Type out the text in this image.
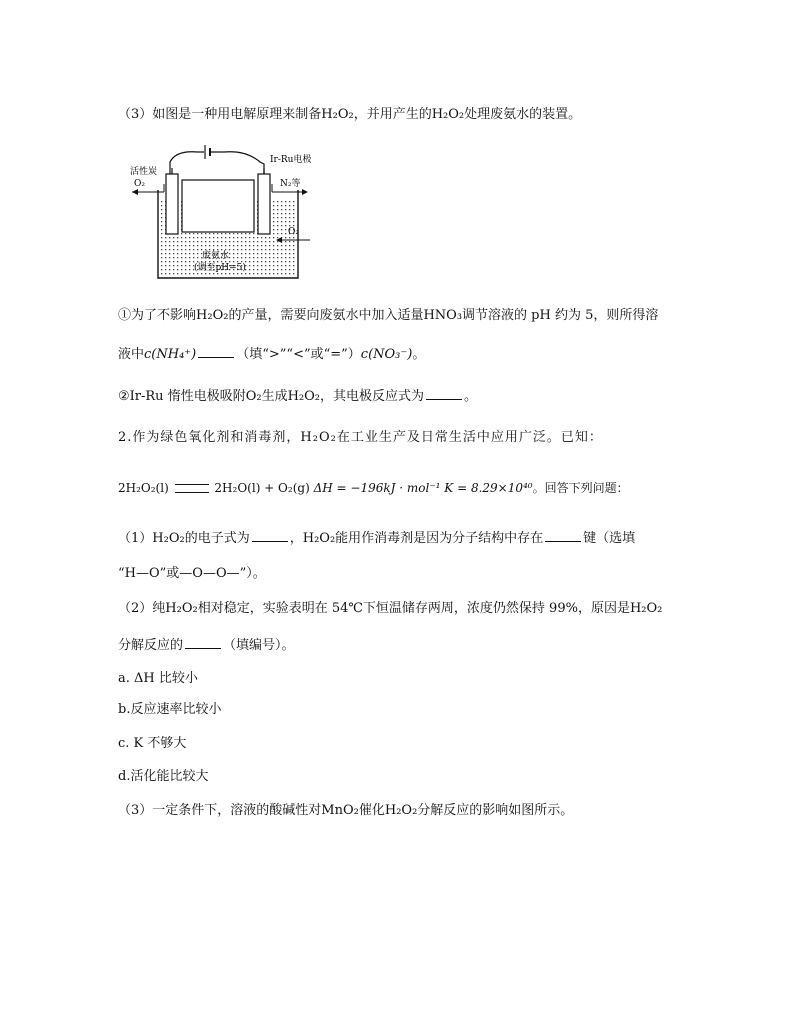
（3）如图是一种用电解原理来制备H₂O₂，并用产生的H₂O₂处理废氨水的装置。
活性炭
O₂
Ir-Ru电极
N₂等
O₂
废氨水
(调至pH=5)
①为了不影响H₂O₂的产量，需要向废氨水中加入适量HNO₃调节溶液的 pH 约为 5，则所得溶
液中c(NH₄⁺)	（填“>”“<”或“=”）c(NO₃⁻)。
②Ir-Ru 惰性电极吸附O₂生成H₂O₂，其电极反应式为	。
2.作为绿色氧化剂和消毒剂，H₂O₂在工业生产及日常生活中应用广泛。已知：
2H₂O₂(l)	2H₂O(l) + O₂(g) ΔH = −196kJ · mol⁻¹ K = 8.29×10⁴⁰。回答下列问题：
（1）H₂O₂的电子式为	，H₂O₂能用作消毒剂是因为分子结构中存在	键（选填
“H—O”或—O—O—”）。
（2）纯H₂O₂相对稳定，实验表明在 54℃下恒温储存两周，浓度仍然保持 99%，原因是H₂O₂
分解反应的	（填编号）。
a. ΔH 比较小
b.反应速率比较小
c. K 不够大
d.活化能比较大
（3）一定条件下，溶液的酸碱性对MnO₂催化H₂O₂分解反应的影响如图所示。
